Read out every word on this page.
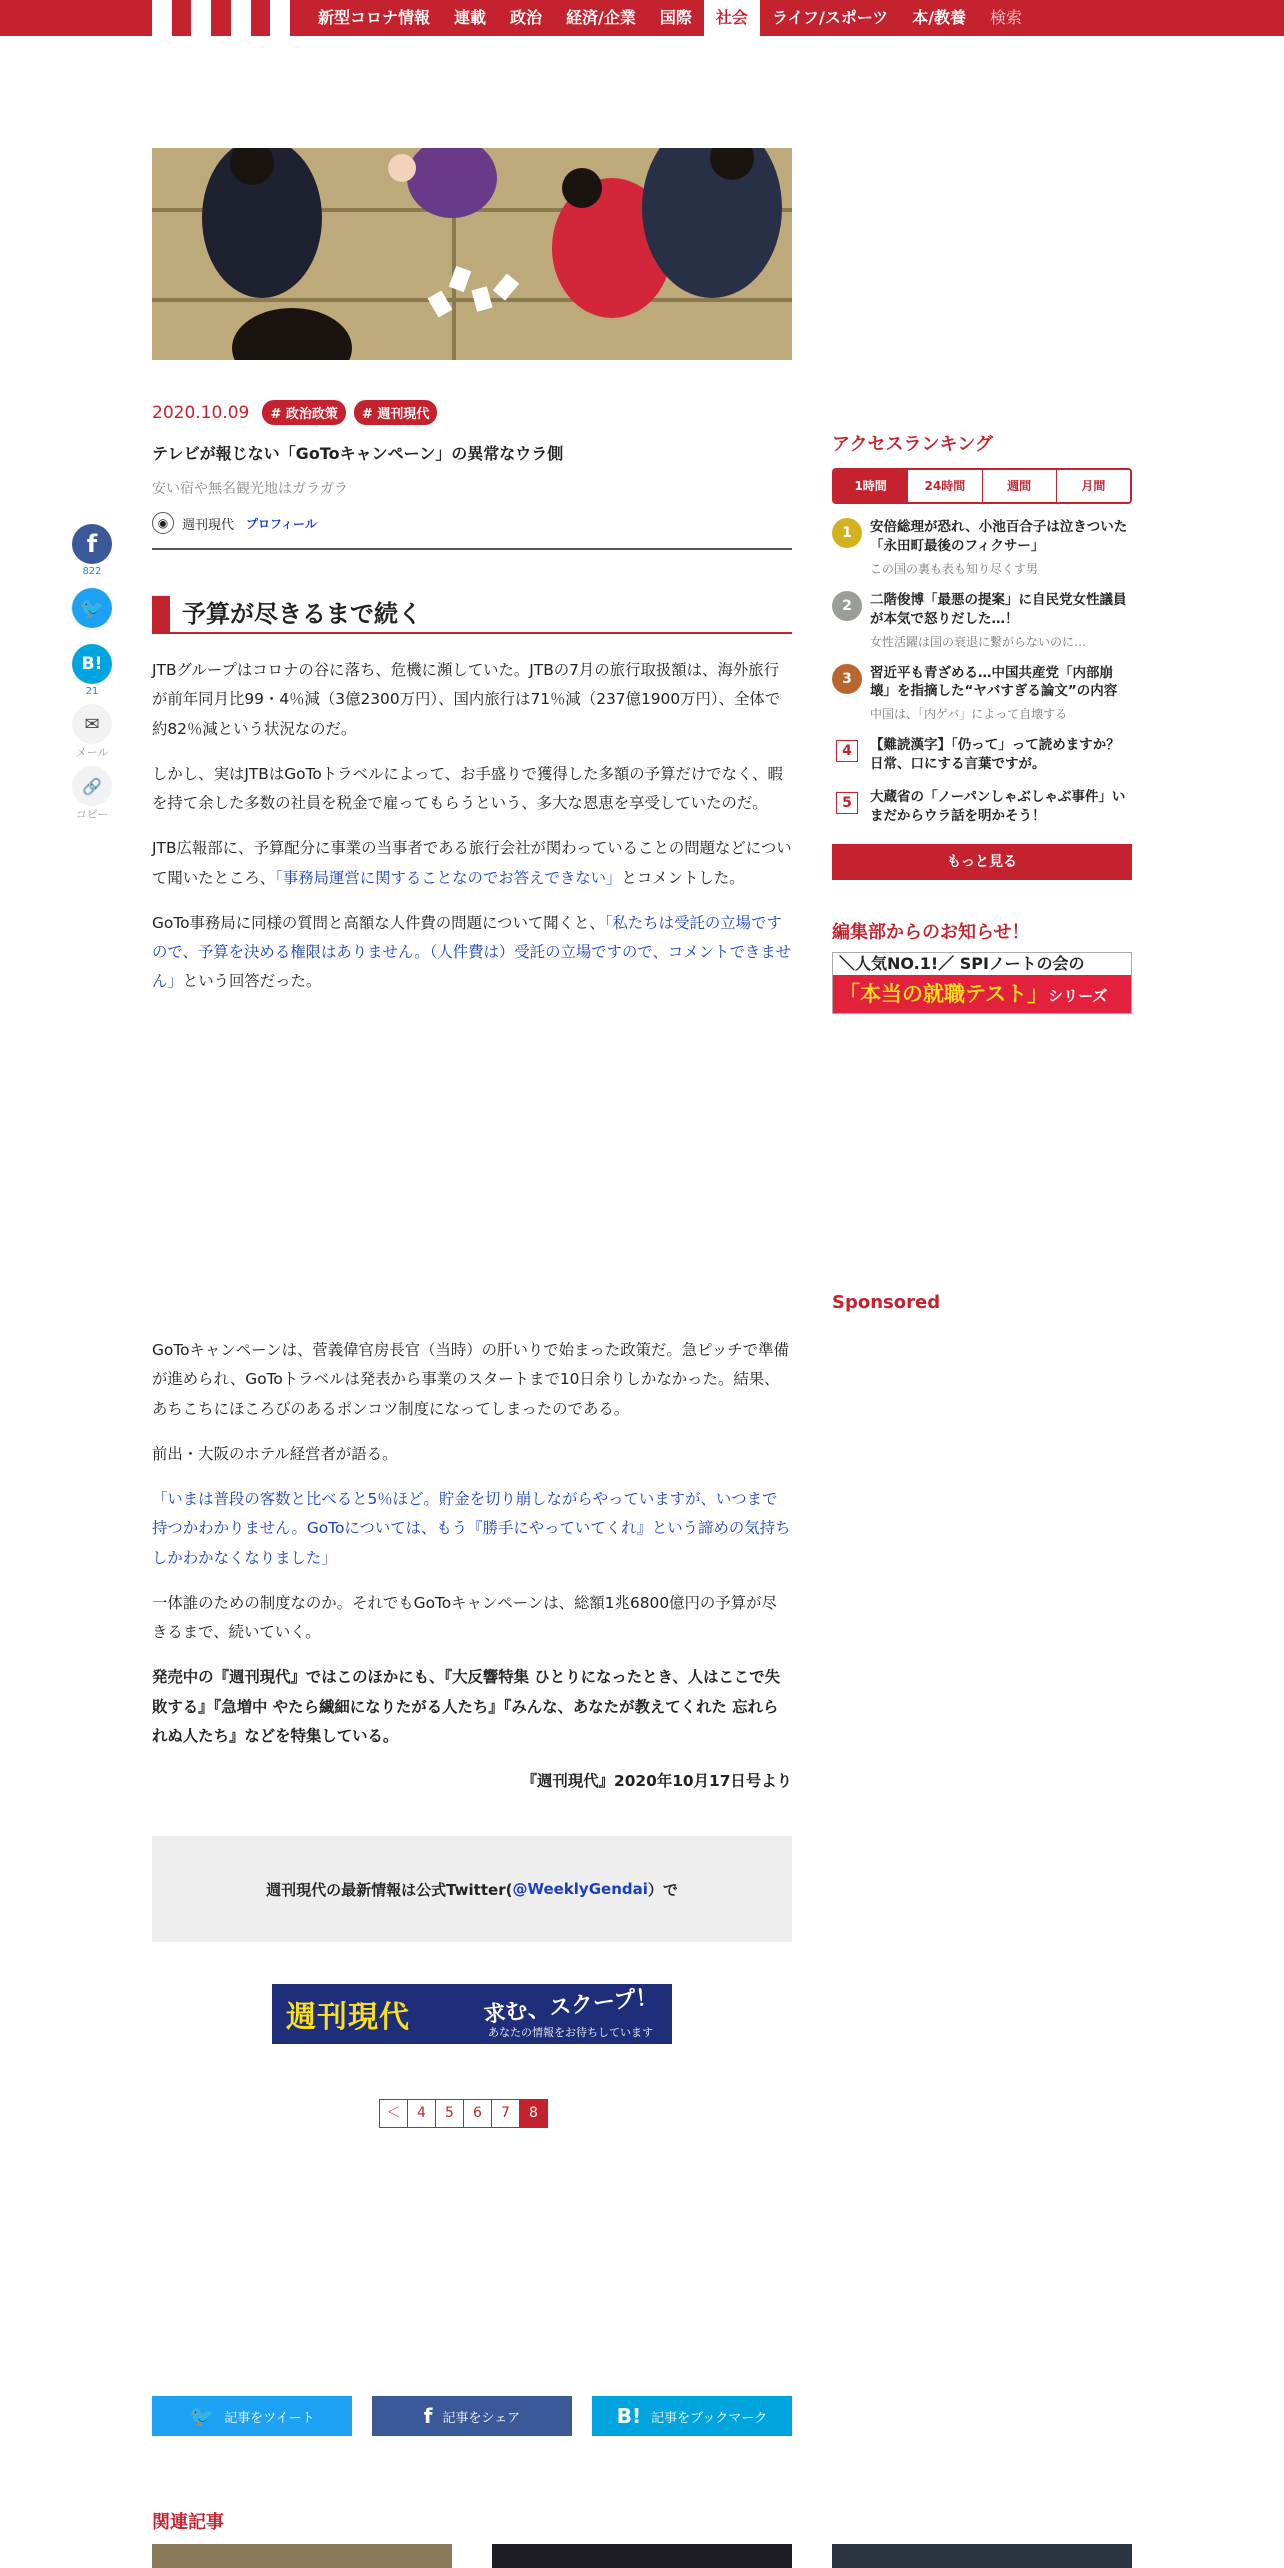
新型コロナ情報	連載	政治	経済/企業	国際	社会	ライフ/スポーツ	本/教養	検索
2020.10.09 # 政治政策 # 週刊現代
テレビが報じない「GoToキャンペーン」の異常なウラ側
安い宿や無名観光地はガラガラ
◉	週刊現代 プロフィール
f
822
🐦
B!
21
✉
メール
🔗
コピー
予算が尽きるまで続く

JTBグループはコロナの谷に落ち、危機に瀕していた。JTBの7月の旅行取扱額は、海外旅行が前年同月比99・4％減（3億2300万円）、国内旅行は71％減（237億1900万円）、全体で約82％減という状況なのだ。

しかし、実はJTBはGoToトラベルによって、お手盛りで獲得した多額の予算だけでなく、暇を持て余した多数の社員を税金で雇ってもらうという、多大な恩恵を享受していたのだ。

JTB広報部に、予算配分に事業の当事者である旅行会社が関わっていることの問題などについて聞いたところ、「事務局運営に関することなのでお答えできない」とコメントした。

GoTo事務局に同様の質問と高額な人件費の問題について聞くと、「私たちは受託の立場ですので、予算を決める権限はありません。（人件費は）受託の立場ですので、コメントできません」という回答だった。

GoToキャンペーンは、菅義偉官房長官（当時）の肝いりで始まった政策だ。急ピッチで準備が進められ、GoToトラベルは発表から事業のスタートまで10日余りしかなかった。結果、あちこちにほころびのあるポンコツ制度になってしまったのである。

前出・大阪のホテル経営者が語る。

「いまは普段の客数と比べると5％ほど。貯金を切り崩しながらやっていますが、いつまで持つかわかりません。GoToについては、もう『勝手にやっていてくれ』という諦めの気持ちしかわかなくなりました」

一体誰のための制度なのか。それでもGoToキャンペーンは、総額1兆6800億円の予算が尽きるまで、続いていく。

発売中の『週刊現代』ではこのほかにも、『大反響特集 ひとりになったとき、人はここで失敗する』『急増中 やたら繊細になりたがる人たち』『みんな、あなたが教えてくれた 忘れられぬ人たち』などを特集している。

『週刊現代』2020年10月17日号より

週刊現代の最新情報は公式Twitter( @WeeklyGendai ）で
週刊現代	求む、スクープ！
あなたの情報をお待ちしています
＜	4	5	6	7	8
🐦 記事をツイート	f 記事をシェア	B! 記事をブックマーク
関連記事
アクセスランキング
1時間	24時間	週間	月間
1	安倍総理が恐れ、小池百合子は泣きついた「永田町最後のフィクサー」
この国の裏も表も知り尽くす男
2	二階俊博「最悪の提案」に自民党女性議員が本気で怒りだした…！
女性活躍は国の衰退に繋がらないのに…
3	習近平も青ざめる…中国共産党「内部崩壊」を指摘した“ヤバすぎる論文”の内容
中国は、「内ゲバ」によって自壊する
4	【難読漢字】「仍って」って読めますか？　日常、口にする言葉ですが。
5	大蔵省の「ノーパンしゃぶしゃぶ事件」いまだからウラ話を明かそう！
もっと見る
編集部からのお知らせ！
＼人気NO.1!／ SPIノートの会の
「本当の就職テスト」シリーズ
Sponsored
